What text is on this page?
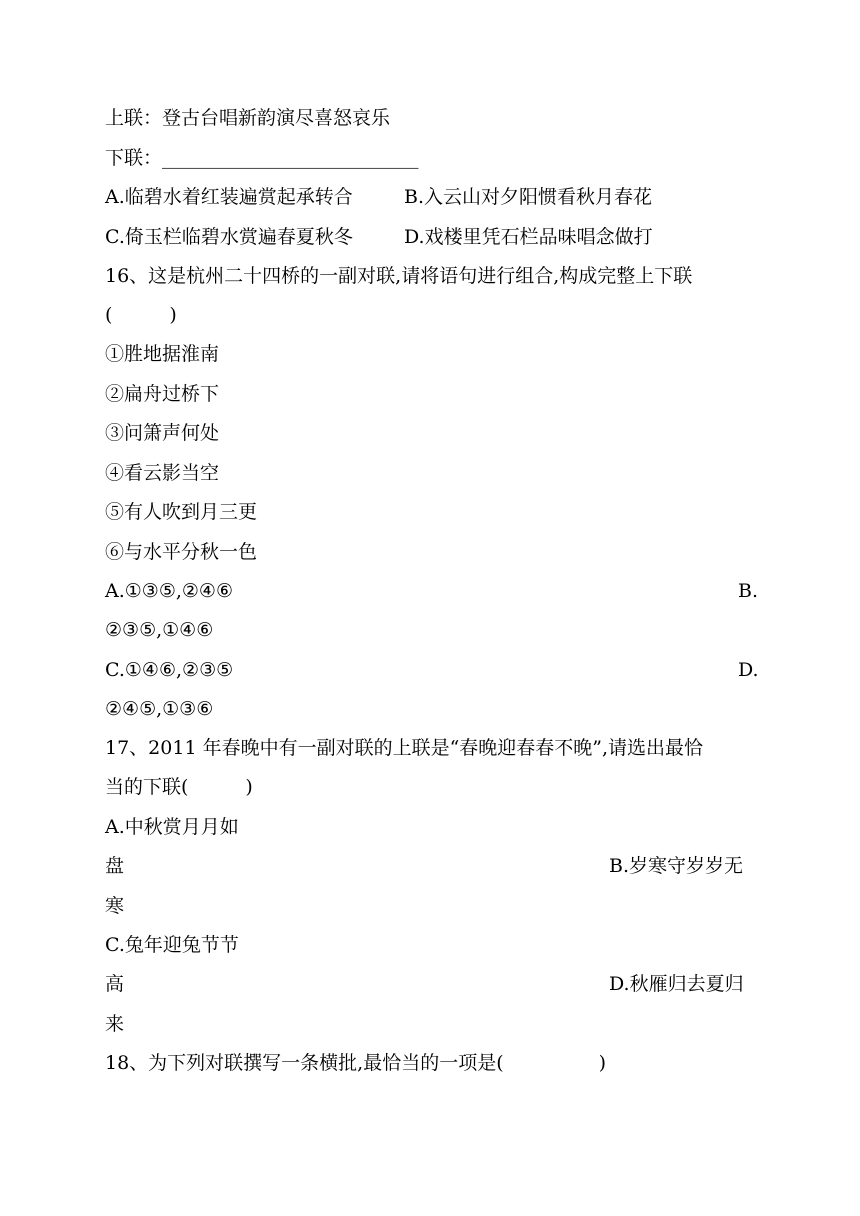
上联：登古台唱新韵演尽喜怒哀乐
下联：___________________________
A.临碧水着红装遍赏起承转合	B.入云山对夕阳惯看秋月春花
C.倚玉栏临碧水赏遍春夏秋冬	D.戏楼里凭石栏品味唱念做打
16、这是杭州二十四桥的一副对联,请将语句进行组合,构成完整上下联
(　　　)
①胜地据淮南
②扁舟过桥下
③问箫声何处
④看云影当空
⑤有人吹到月三更
⑥与水平分秋一色
A.①③⑤,②④⑥	B.
②③⑤,①④⑥
C.①④⑥,②③⑤	D.
②④⑤,①③⑥
17、2011 年春晚中有一副对联的上联是“春晚迎春春不晚”,请选出最恰
当的下联(　　　)
A.中秋赏月月如
盘	B.岁寒守岁岁无
寒
C.兔年迎兔节节
高	D.秋雁归去夏归
来
18、为下列对联撰写一条横批,最恰当的一项是(　　　　　)
